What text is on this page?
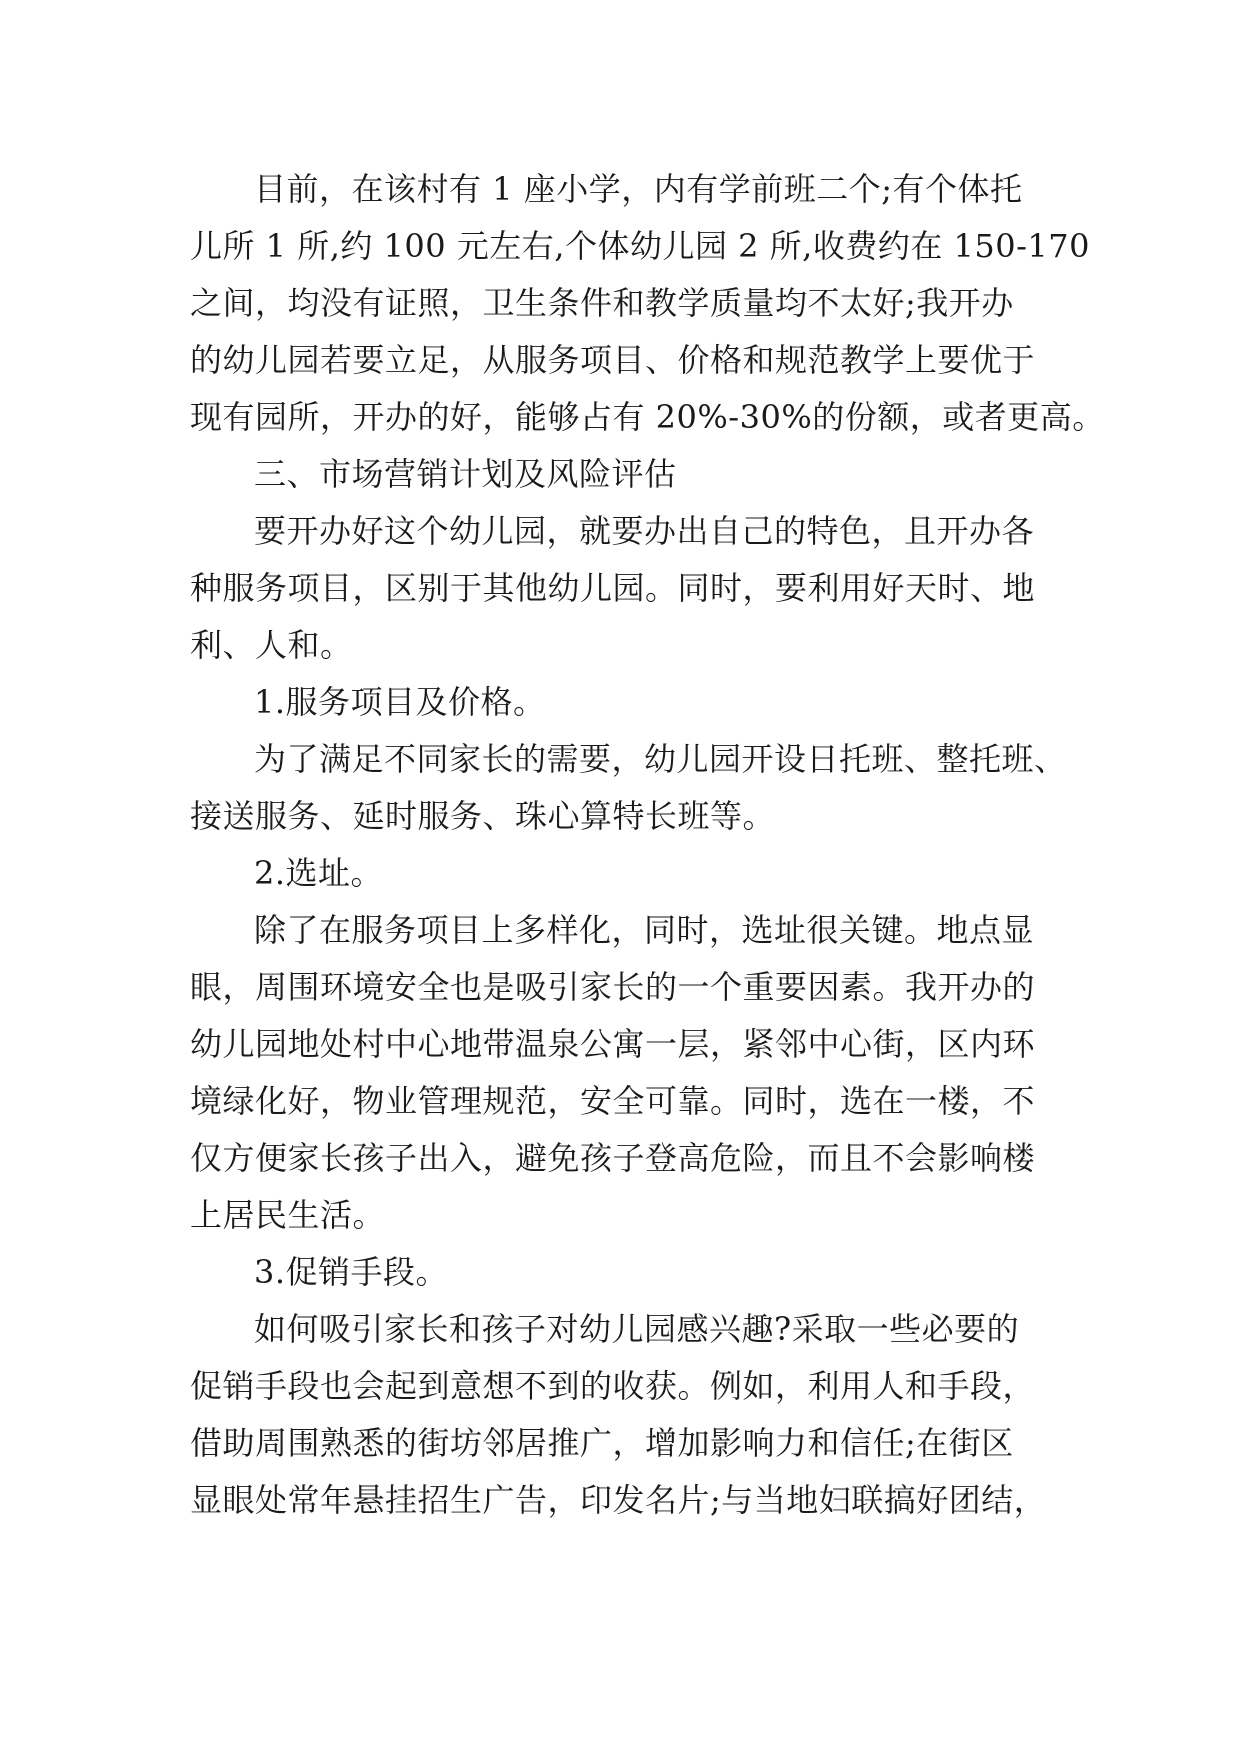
目前，在该村有 1 座小学，内有学前班二个;有个体托
儿所 1 所,约 100 元左右,个体幼儿园 2 所,收费约在 150-170
之间，均没有证照，卫生条件和教学质量均不太好;我开办
的幼儿园若要立足，从服务项目、价格和规范教学上要优于
现有园所，开办的好，能够占有 20%-30%的份额，或者更高。
三、市场营销计划及风险评估
要开办好这个幼儿园，就要办出自己的特色，且开办各
种服务项目，区别于其他幼儿园。同时，要利用好天时、地
利、人和。
1.服务项目及价格。
为了满足不同家长的需要，幼儿园开设日托班、整托班、
接送服务、延时服务、珠心算特长班等。
2.选址。
除了在服务项目上多样化，同时，选址很关键。地点显
眼，周围环境安全也是吸引家长的一个重要因素。我开办的
幼儿园地处村中心地带温泉公寓一层，紧邻中心街，区内环
境绿化好，物业管理规范，安全可靠。同时，选在一楼，不
仅方便家长孩子出入，避免孩子登高危险，而且不会影响楼
上居民生活。
3.促销手段。
如何吸引家长和孩子对幼儿园感兴趣?采取一些必要的
促销手段也会起到意想不到的收获。例如，利用人和手段，
借助周围熟悉的街坊邻居推广，增加影响力和信任;在街区
显眼处常年悬挂招生广告，印发名片;与当地妇联搞好团结，
